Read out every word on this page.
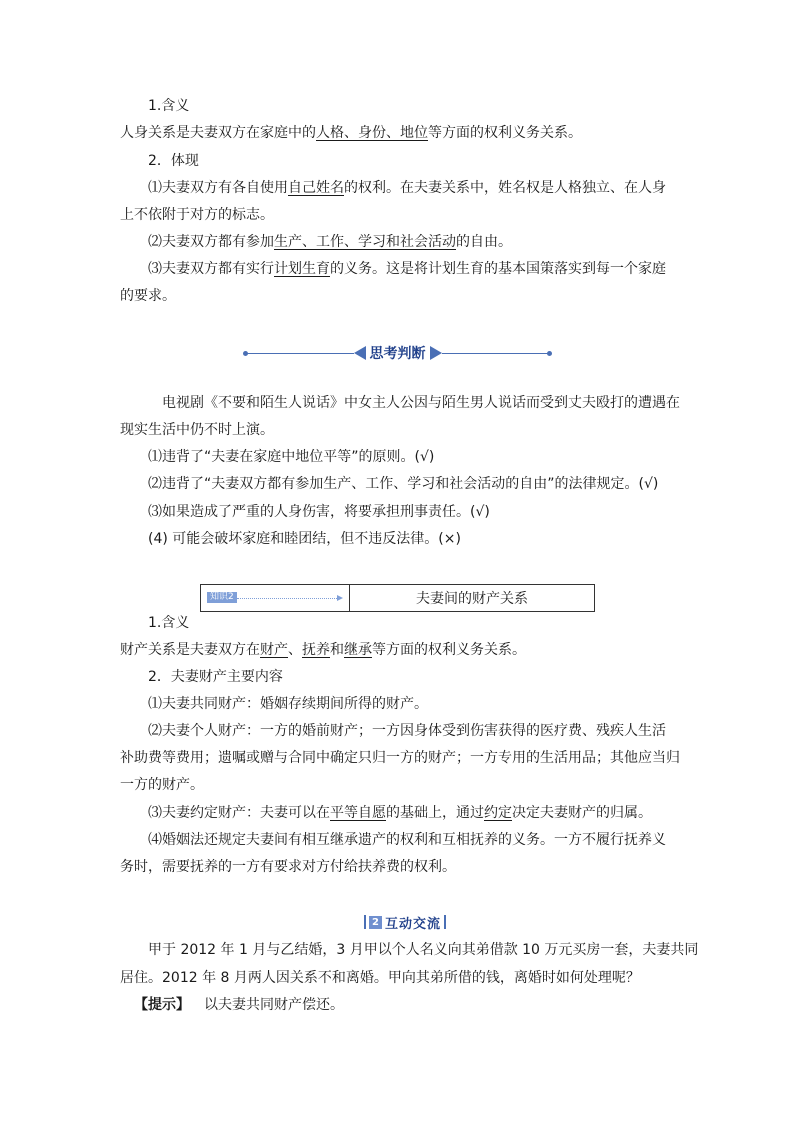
1.含义
人身关系是夫妻双方在家庭中的人格、身份、地位等方面的权利义务关系。
2．体现
⑴夫妻双方有各自使用自己姓名的权利。在夫妻关系中，姓名权是人格独立、在人身
上不依附于对方的标志。
⑵夫妻双方都有参加生产、工作、学习和社会活动的自由。
⑶夫妻双方都有实行计划生育的义务。这是将计划生育的基本国策落实到每一个家庭
的要求。
思考判断
电视剧《不要和陌生人说话》中女主人公因与陌生男人说话而受到丈夫殴打的遭遇在
现实生活中仍不时上演。
⑴违背了“夫妻在家庭中地位平等”的原则。(√)
⑵违背了“夫妻双方都有参加生产、工作、学习和社会活动的自由”的法律规定。(√)
⑶如果造成了严重的人身伤害，将要承担刑事责任。(√)
(4) 可能会破坏家庭和睦团结，但不违反法律。(×)
知识2	夫妻间的财产关系
1.含义
财产关系是夫妻双方在财产、抚养和继承等方面的权利义务关系。
2．夫妻财产主要内容
⑴夫妻共同财产：婚姻存续期间所得的财产。
⑵夫妻个人财产：一方的婚前财产；一方因身体受到伤害获得的医疗费、残疾人生活
补助费等费用；遗嘱或赠与合同中确定只归一方的财产；一方专用的生活用品；其他应当归
一方的财产。
⑶夫妻约定财产：夫妻可以在平等自愿的基础上，通过约定决定夫妻财产的归属。
⑷婚姻法还规定夫妻间有相互继承遗产的权利和互相抚养的义务。一方不履行抚养义
务时，需要抚养的一方有要求对方付给扶养费的权利。
2 互动交流
甲于 2012 年 1 月与乙结婚，3 月甲以个人名义向其弟借款 10 万元买房一套，夫妻共同
居住。2012 年 8 月两人因关系不和离婚。甲向其弟所借的钱，离婚时如何处理呢？
【提示】 以夫妻共同财产偿还。
